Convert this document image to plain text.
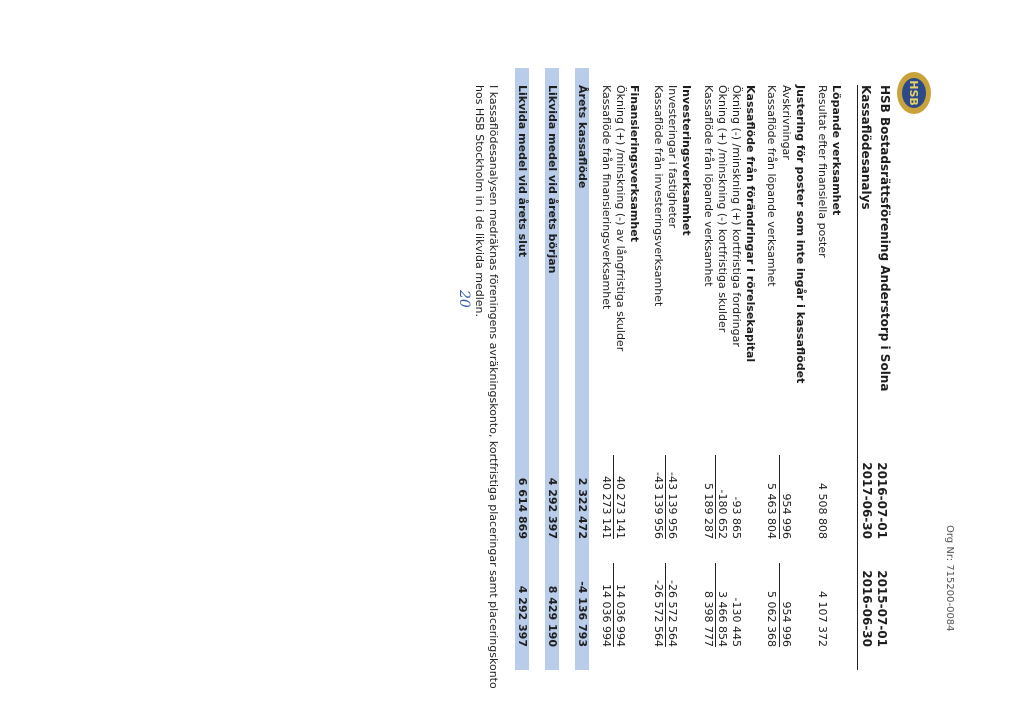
Org Nr: 715200-0084
HSB
HSB Bostadsrättsförening Anderstorp i Solna
Kassaflödesanalys
2016-07-01
2017-06-30
2015-07-01
2016-06-30
Löpande verksamhet
Resultat efter finansiella poster
4 508 808
4 107 372
Justering för poster som inte ingår i kassaflödet
Avskrivningar
954 996
954 996
Kassaflöde från löpande verksamhet
5 463 804
5 062 368
Kassaflöde från förändringar i rörelsekapital
Ökning (-) /minskning (+) kortfristiga fordringar
-93 865
-130 445
Ökning (+) /minskning (-) kortfristiga skulder
-180 652
3 466 854
Kassaflöde från löpande verksamhet
5 189 287
8 398 777
Investeringsverksamhet
Investeringar i fastigheter
-43 139 956
-26 572 564
Kassaflöde från investeringsverksamhet
-43 139 956
-26 572 564
Finansieringsverksamhet
Ökning (+) /minskning (-) av långfristiga skulder
40 273 141
14 036 994
Kassaflöde från finansieringsverksamhet
40 273 141
14 036 994
Årets kassaflöde
2 322 472
-4 136 793
Likvida medel vid årets början
4 292 397
8 429 190
Likvida medel vid årets slut
6 614 869
4 292 397
I kassaflödesanalysen medräknas föreningens avräkningskonto, kortfristiga placeringar samt placeringskonto
hos HSB Stockholm in i de likvida medlen.
20
